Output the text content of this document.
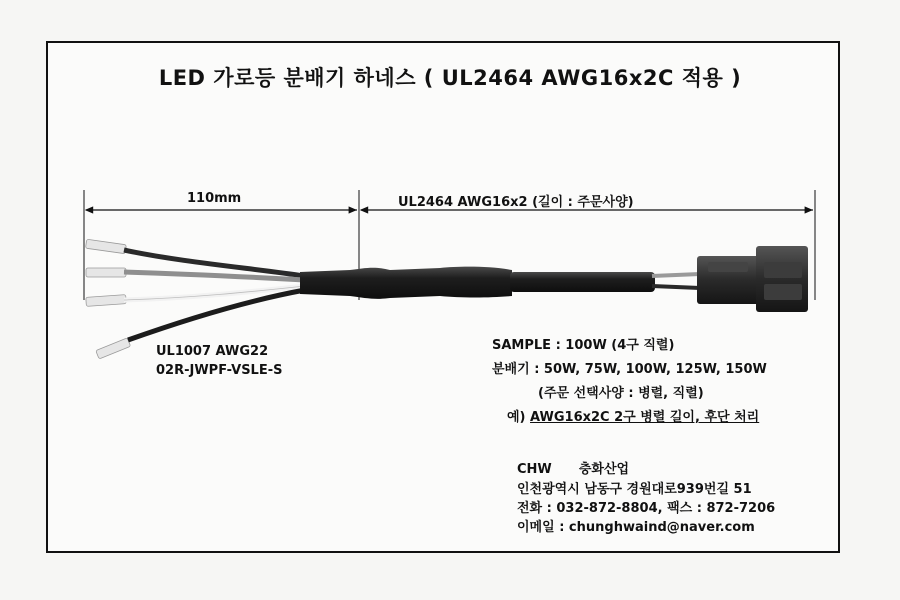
LED 가로등 분배기 하네스 ( UL2464 AWG16x2C 적용 )
110mm	UL2464 AWG16x2 (길이 : 주문사양)
UL1007 AWG22
02R-JWPF-VSLE-S
SAMPLE : 100W (4구 직렬)
분배기 : 50W, 75W, 100W, 125W, 150W
(주문 선택사양 : 병렬, 직렬)
예) AWG16x2C 2구 병렬 길이, 후단 처리
CHW 충화산업
인천광역시 남동구 경원대로939번길 51
전화 : 032-872-8804, 팩스 : 872-7206
이메일 : chunghwaind@naver.com
